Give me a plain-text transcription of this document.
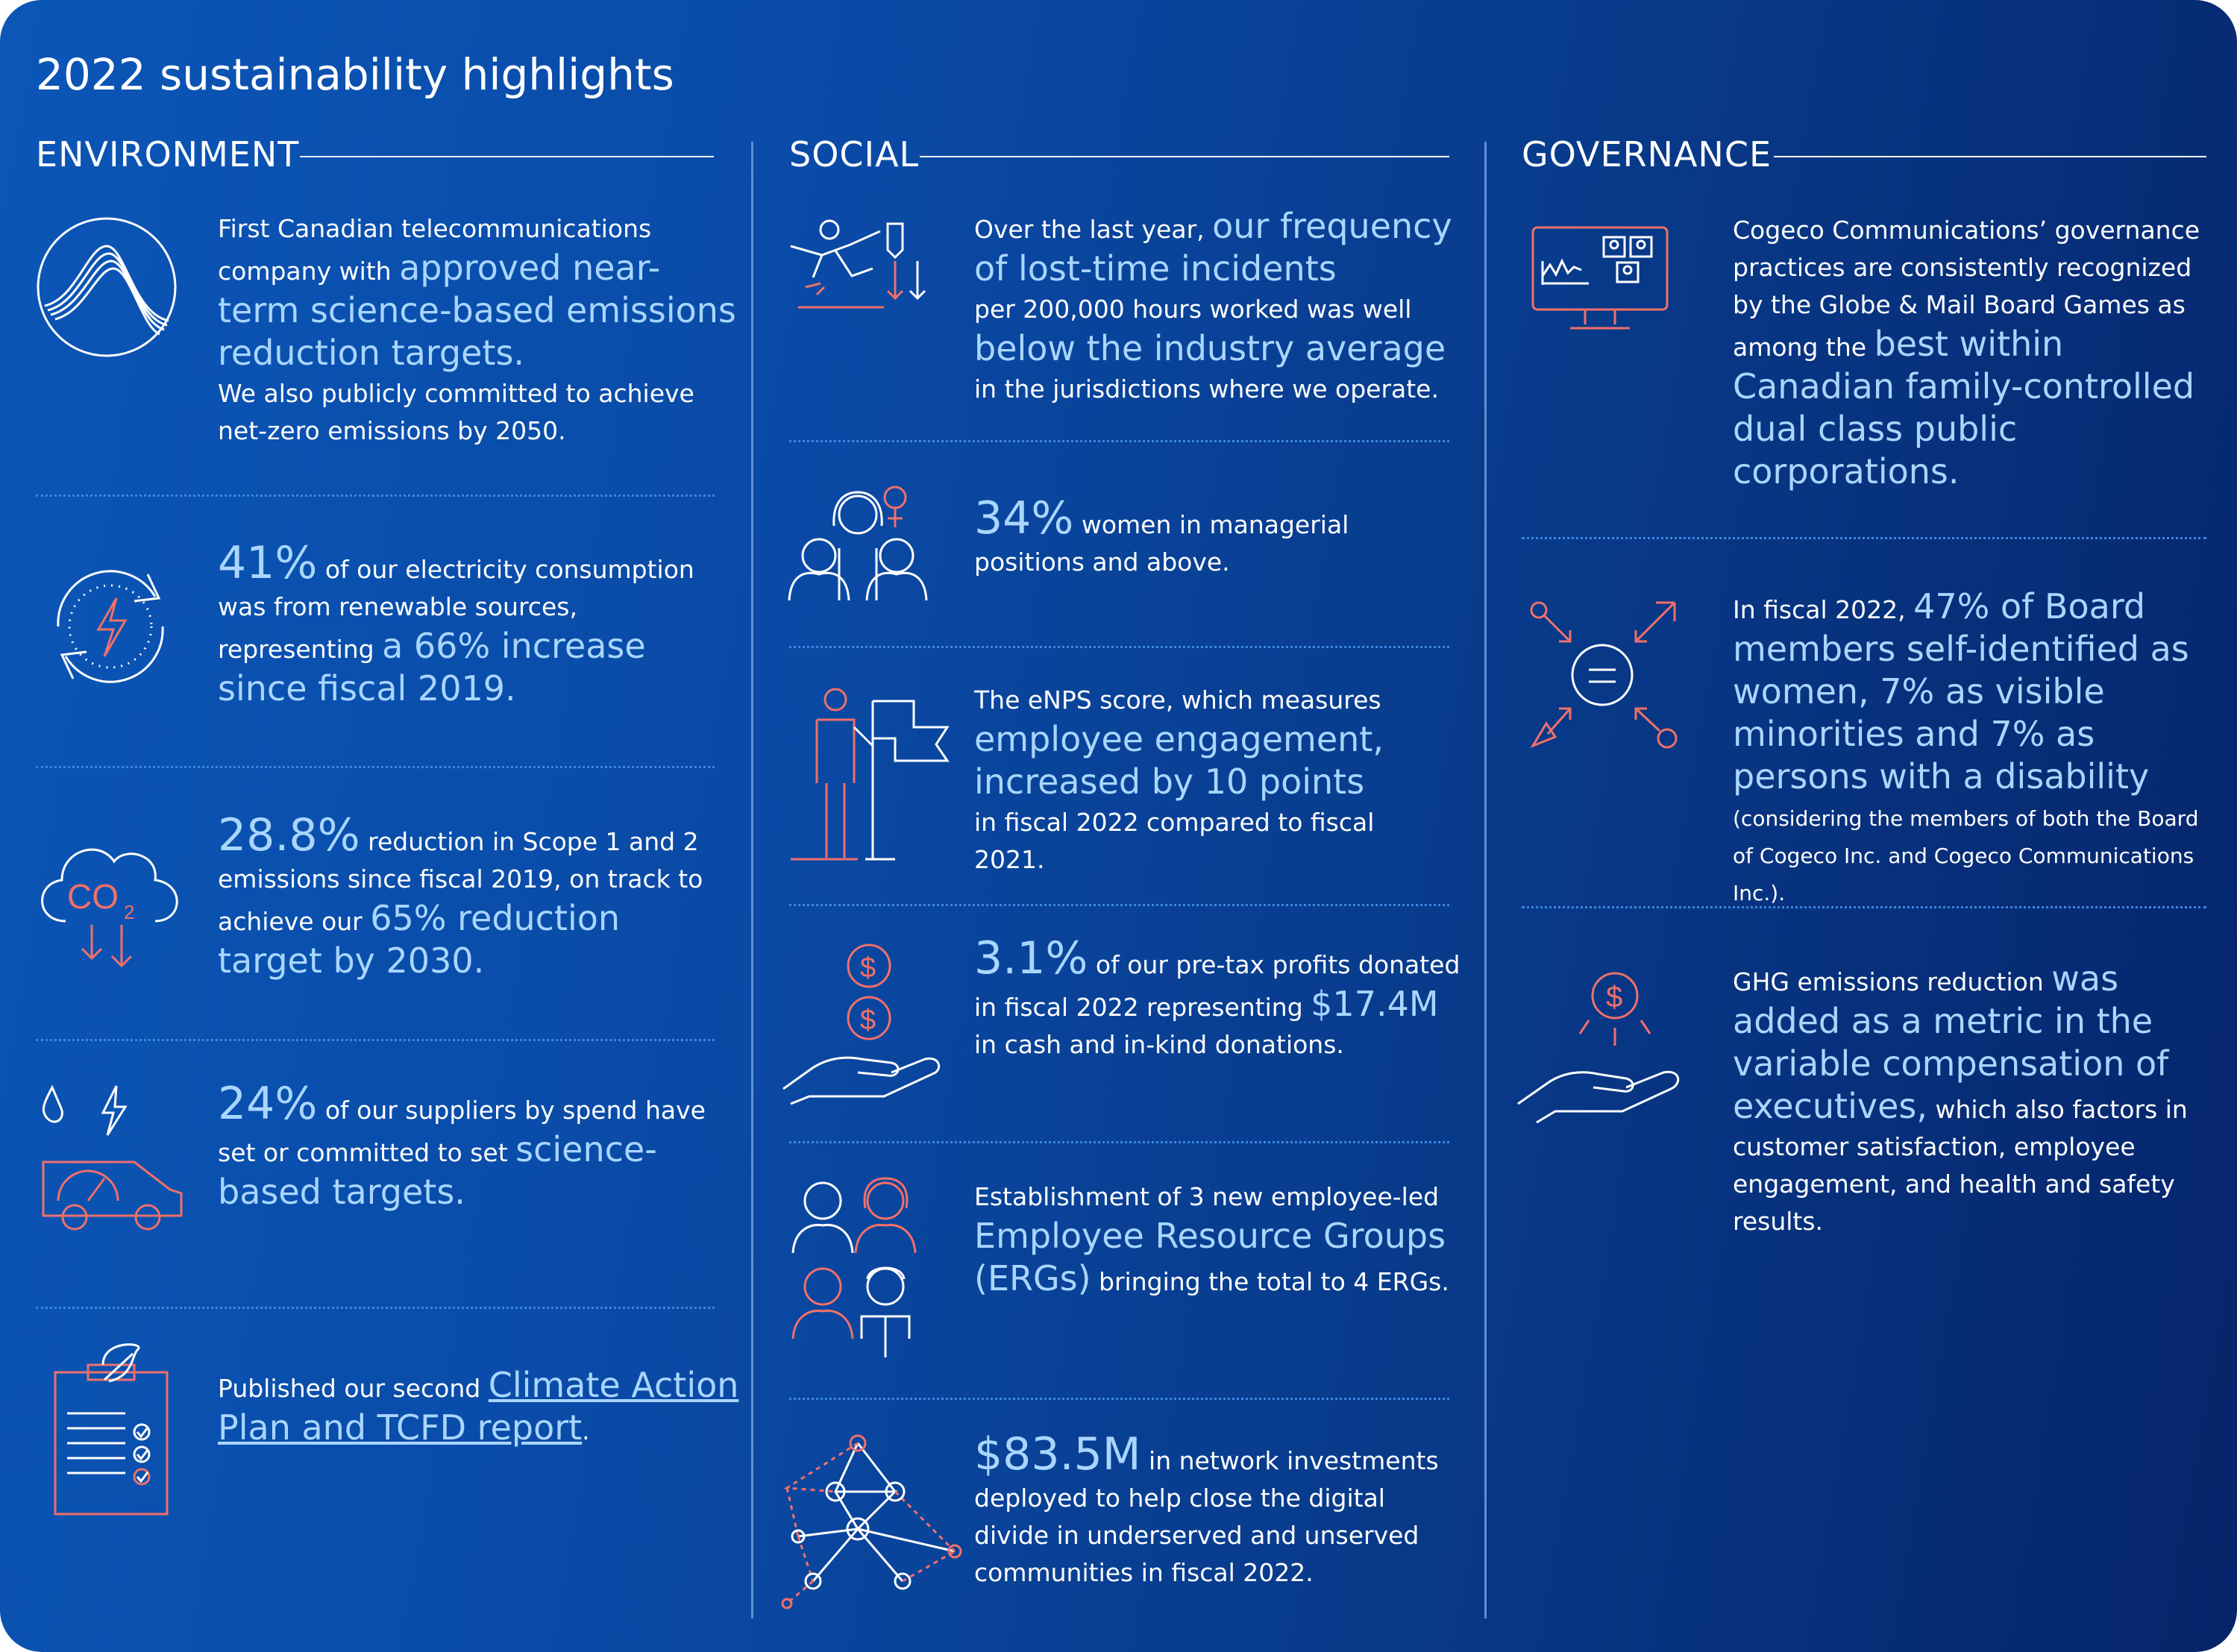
2022 sustainability highlights
ENVIRONMENT	SOCIAL	GOVERNANCE
First Canadian telecommunications company with approved near-term science-based emissions reduction targets.
We also publicly committed to achieve net-zero emissions by 2050.
41% of our electricity consumption was from renewable sources, representing a 66% increase since fiscal 2019.
CO 2
28.8% reduction in Scope 1 and 2 emissions since fiscal 2019, on track to achieve our 65% reduction target by 2030.
24% of our suppliers by spend have set or committed to set science-based targets.
Published our second Climate Action Plan and TCFD report.
Over the last year, our frequency of lost-time incidents
per 200,000 hours worked was well
below the industry average
in the jurisdictions where we operate.
34% women in managerial positions and above.
The eNPS score, which measures
employee engagement, increased by 10 points
in fiscal 2022 compared to fiscal 2021.
$
$
3.1% of our pre-tax profits donated in fiscal 2022 representing $17.4M
in cash and in-kind donations.
Establishment of 3 new employee-led
Employee Resource Groups (ERGs) bringing the total to 4 ERGs.
$83.5M in network investments deployed to help close the digital divide in underserved and unserved communities in fiscal 2022.
Cogeco Communications’ governance practices are consistently recognized by the Globe & Mail Board Games as among the best within Canadian family-controlled dual class public corporations.
In fiscal 2022, 47% of Board members self-identified as women, 7% as visible minorities and 7% as persons with a disability
(considering the members of both the Board of Cogeco Inc. and Cogeco Communications Inc.).
$	GHG emissions reduction was added as a metric in the variable compensation of executives, which also factors in customer satisfaction, employee engagement, and health and safety results.
